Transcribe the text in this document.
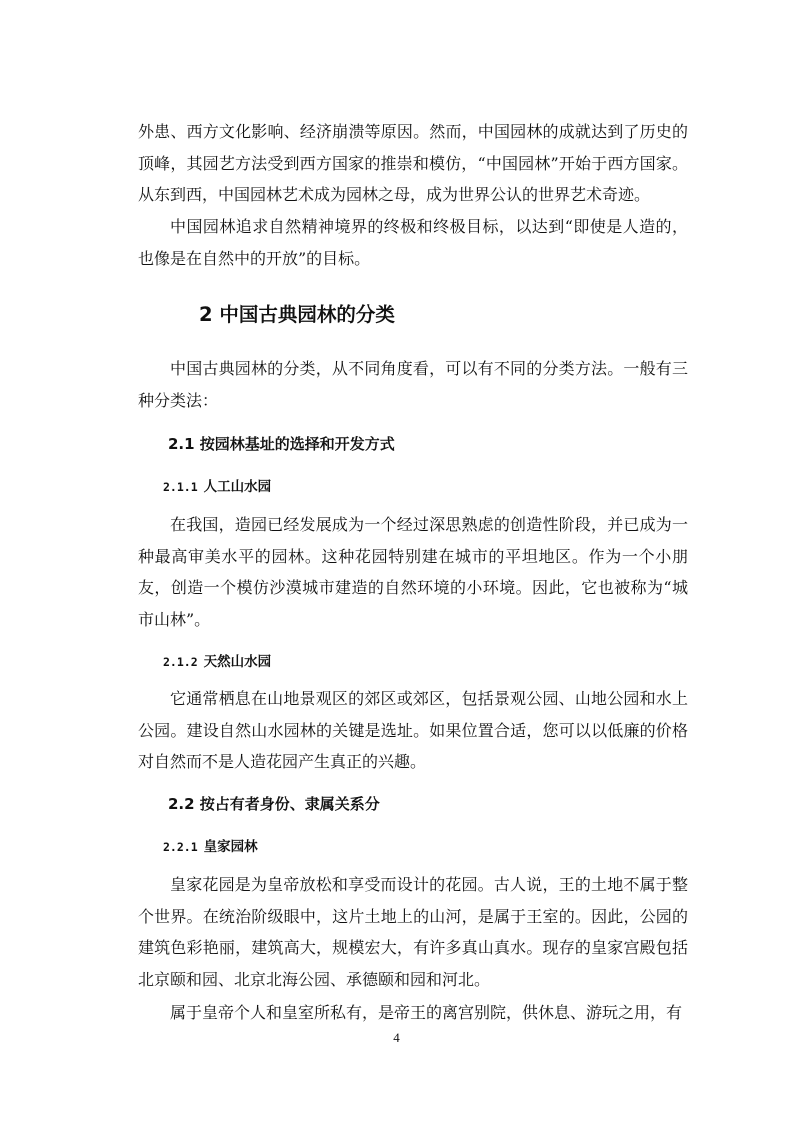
外患、西方文化影响、经济崩溃等原因。然而，中国园林的成就达到了历史的顶峰，其园艺方法受到西方国家的推崇和模仿，“中国园林”开始于西方国家。从东到西，中国园林艺术成为园林之母，成为世界公认的世界艺术奇迹。

中国园林追求自然精神境界的终极和终极目标，以达到“即使是人造的，也像是在自然中的开放”的目标。

2 中国古典园林的分类

中国古典园林的分类，从不同角度看，可以有不同的分类方法。一般有三种分类法：

2.1 按园林基址的选择和开发方式
2.1.1 人工山水园

在我国，造园已经发展成为一个经过深思熟虑的创造性阶段，并已成为一种最高审美水平的园林。这种花园特别建在城市的平坦地区。作为一个小朋友，创造一个模仿沙漠城市建造的自然环境的小环境。因此，它也被称为“城市山林”。

2.1.2 天然山水园

它通常栖息在山地景观区的郊区或郊区，包括景观公园、山地公园和水上公园。建设自然山水园林的关键是选址。如果位置合适，您可以以低廉的价格对自然而不是人造花园产生真正的兴趣。

2.2 按占有者身份、隶属关系分
2.2.1 皇家园林

皇家花园是为皇帝放松和享受而设计的花园。古人说，王的土地不属于整个世界。在统治阶级眼中，这片土地上的山河，是属于王室的。因此，公园的建筑色彩艳丽，建筑高大，规模宏大，有许多真山真水。现存的皇家宫殿包括北京颐和园、北京北海公园、承德颐和园和河北。

属于皇帝个人和皇室所私有，是帝王的离宫别院，供休息、游玩之用，有

4
